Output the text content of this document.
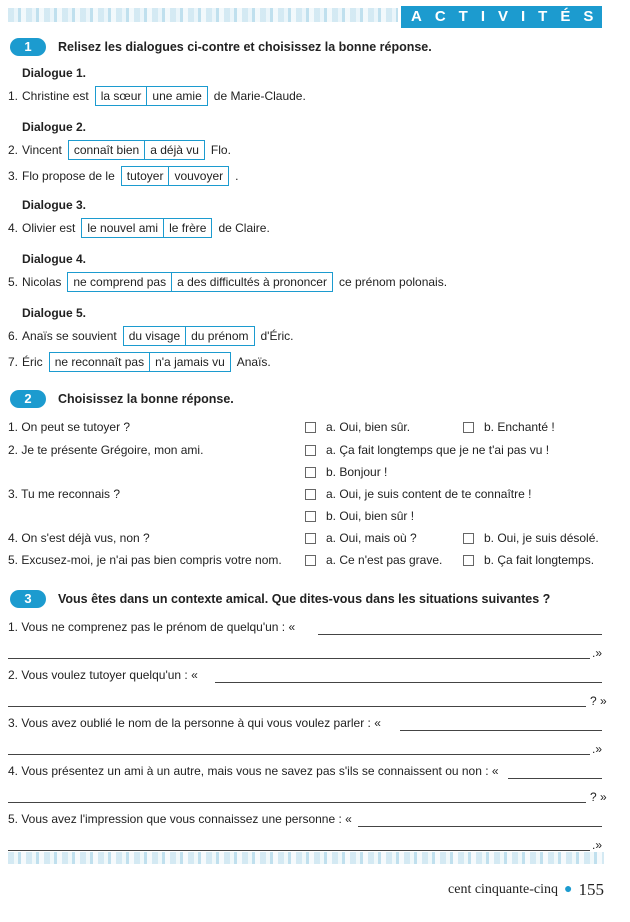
ACTIVITÉS
1	Relisez les dialogues ci-contre et choisissez la bonne réponse.
Dialogue 1.
1. Christine est	la sœur une amie	de Marie-Claude.
Dialogue 2.
2. Vincent	connaît bien a déjà vu	Flo.
3. Flo propose de le	tutoyer vouvoyer	.
Dialogue 3.
4. Olivier est	le nouvel ami le frère	de Claire.
Dialogue 4.
5. Nicolas	ne comprend pas a des difficultés à prononcer	ce prénom polonais.
Dialogue 5.
6. Anaïs se souvient	du visage du prénom	d'Éric.
7. Éric	ne reconnaît pas n'a jamais vu	Anaïs.
2	Choisissez la bonne réponse.
1. On peut se tutoyer ?	a. Oui, bien sûr.	b. Enchanté !
2. Je te présente Grégoire, mon ami.	a. Ça fait longtemps que je ne t'ai pas vu !
b. Bonjour !
3. Tu me reconnais ?	a. Oui, je suis content de te connaître !
b. Oui, bien sûr !
4. On s'est déjà vus, non ?	a. Oui, mais où ?	b. Oui, je suis désolé.
5. Excusez-moi, je n'ai pas bien compris votre nom.	a. Ce n'est pas grave.	b. Ça fait longtemps.
3	Vous êtes dans un contexte amical. Que dites-vous dans les situations suivantes ?
1. Vous ne comprenez pas le prénom de quelqu'un : «
.»
2. Vous voulez tutoyer quelqu'un : «
? »
3. Vous avez oublié le nom de la personne à qui vous voulez parler : «
.»
4. Vous présentez un ami à un autre, mais vous ne savez pas s'ils se connaissent ou non : «
? »
5. Vous avez l'impression que vous connaissez une personne : «
.»
cent cinquante-cinq ● 155
